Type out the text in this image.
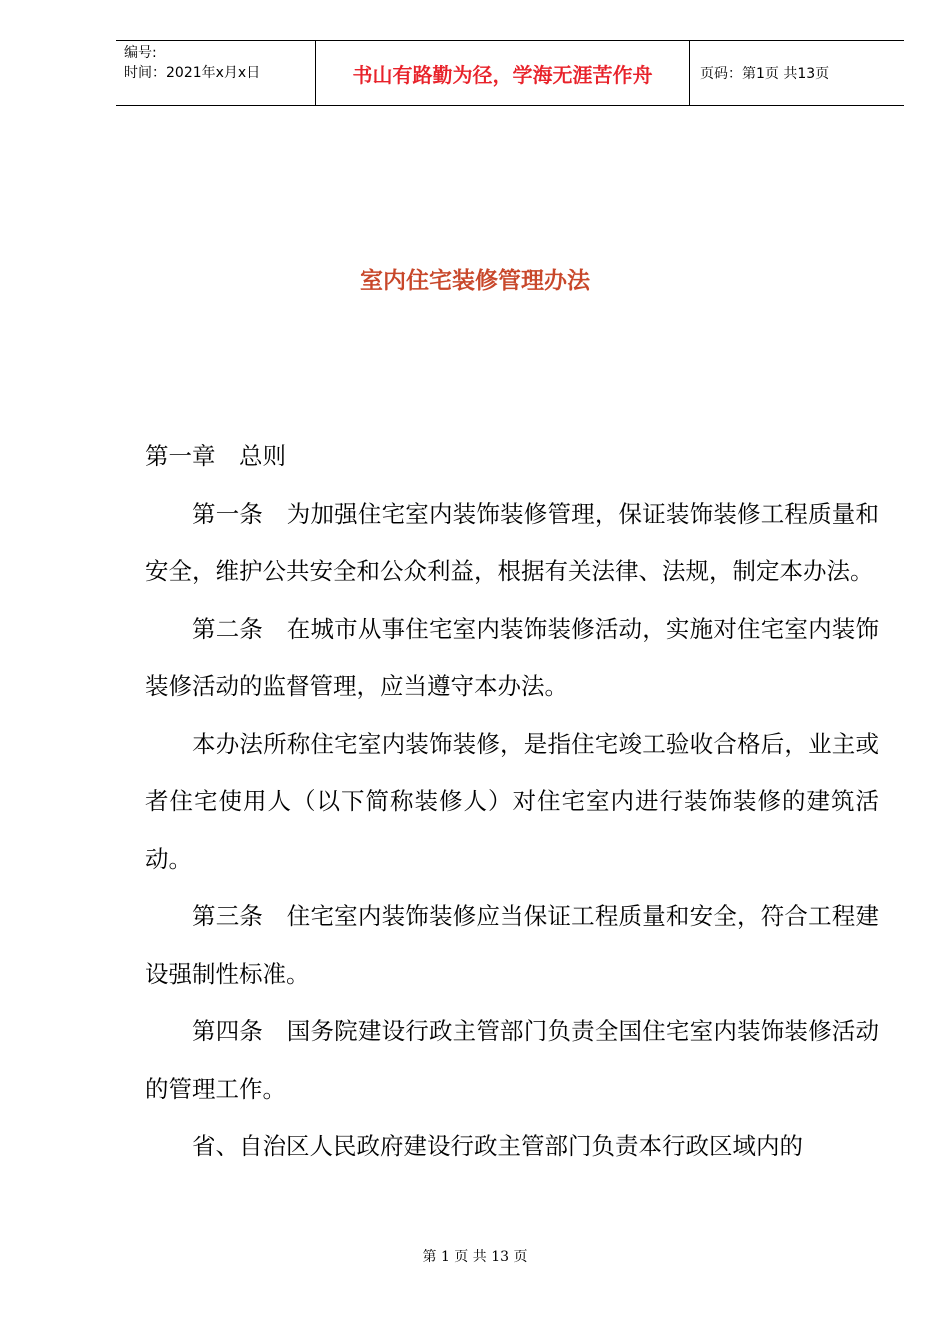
编号:
时间：2021年x月x日	书山有路勤为径，学海无涯苦作舟	页码：第1页 共13页
室内住宅装修管理办法

第一章　总则

第一条　为加强住宅室内装饰装修管理，保证装饰装修工程质量和安全，维护公共安全和公众利益，根据有关法律、法规，制定本办法。

第二条　在城市从事住宅室内装饰装修活动，实施对住宅室内装饰装修活动的监督管理，应当遵守本办法。

本办法所称住宅室内装饰装修，是指住宅竣工验收合格后，业主或者住宅使用人（以下简称装修人）对住宅室内进行装饰装修的建筑活动。

第三条　住宅室内装饰装修应当保证工程质量和安全，符合工程建设强制性标准。

第四条　国务院建设行政主管部门负责全国住宅室内装饰装修活动的管理工作。

省、自治区人民政府建设行政主管部门负责本行政区域内的

第 1 页 共 13 页
